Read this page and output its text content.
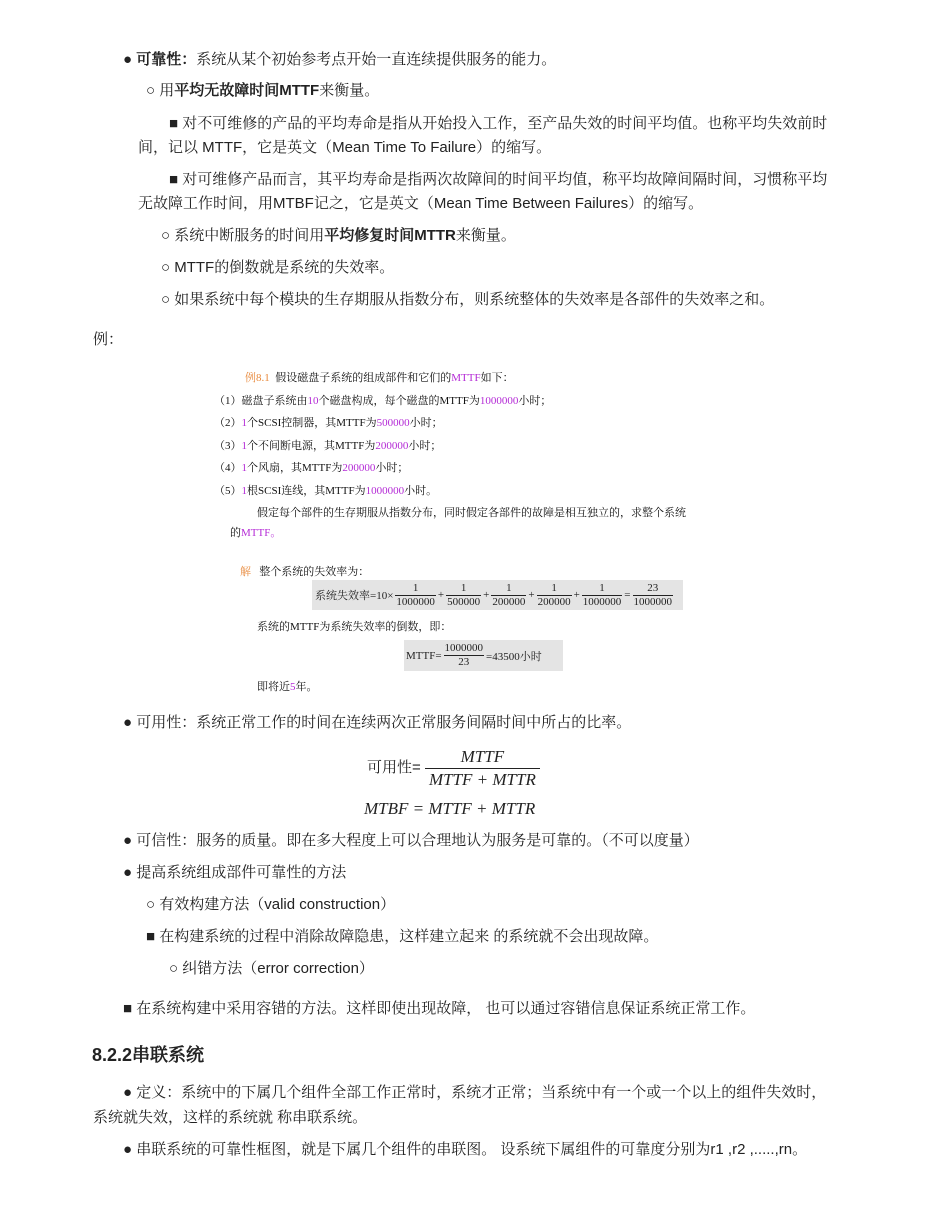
● 可靠性：系统从某个初始参考点开始一直连续提供服务的能力。
○ 用平均无故障时间MTTF来衡量。
■ 对不可维修的产品的平均寿命是指从开始投入工作，至产品失效的时间平均值。也称平均失效前时
间，记以 MTTF，它是英文（Mean Time To Failure）的缩写。
■ 对可维修产品而言，其平均寿命是指两次故障间的时间平均值，称平均故障间隔时间，习惯称平均
无故障工作时间，用MTBF记之，它是英文（Mean Time Between Failures）的缩写。
○ 系统中断服务的时间用平均修复时间MTTR来衡量。
○ MTTF的倒数就是系统的失效率。
○ 如果系统中每个模块的生存期服从指数分布，则系统整体的失效率是各部件的失效率之和。
例：
例8.1 假设磁盘子系统的组成部件和它们的MTTF如下：
（1）磁盘子系统由10个磁盘构成，每个磁盘的MTTF为1000000小时；
（2）1个SCSI控制器，其MTTF为500000小时；
（3）1个不间断电源，其MTTF为200000小时；
（4）1个风扇，其MTTF为200000小时；
（5）1根SCSI连线，其MTTF为1000000小时。
假定每个部件的生存期服从指数分布，同时假定各部件的故障是相互独立的，求整个系统
的MTTF。
解 整个系统的失效率为：
系统失效率$=10\times \frac{1}{1000000} + \frac{1}{500000} + \frac{1}{200000} + \frac{1}{200000} + \frac{1}{1000000} = \frac{23}{1000000}$
系统的MTTF为系统失效率的倒数，即：
MTTF= $\frac{1000000}{23} =43500$小时
即将近5年。
● 可用性：系统正常工作的时间在连续两次正常服务间隔时间中所占的比率。
可用性=
MTTF
MTTF + MTTR
MTBF = MTTF + MTTR
● 可信性：服务的质量。即在多大程度上可以合理地认为服务是可靠的。（不可以度量）
● 提高系统组成部件可靠性的方法
○ 有效构建方法（valid construction）
■ 在构建系统的过程中消除故障隐患，这样建立起来 的系统就不会出现故障。
○ 纠错方法（error correction）
■ 在系统构建中采用容错的方法。这样即使出现故障， 也可以通过容错信息保证系统正常工作。
8.2.2串联系统
● 定义：系统中的下属几个组件全部工作正常时，系统才正常；当系统中有一个或一个以上的组件失效时，
系统就失效，这样的系统就 称串联系统。
● 串联系统的可靠性框图，就是下属几个组件的串联图。 设系统下属组件的可靠度分别为r1 ,r2 ,.....,rn。
